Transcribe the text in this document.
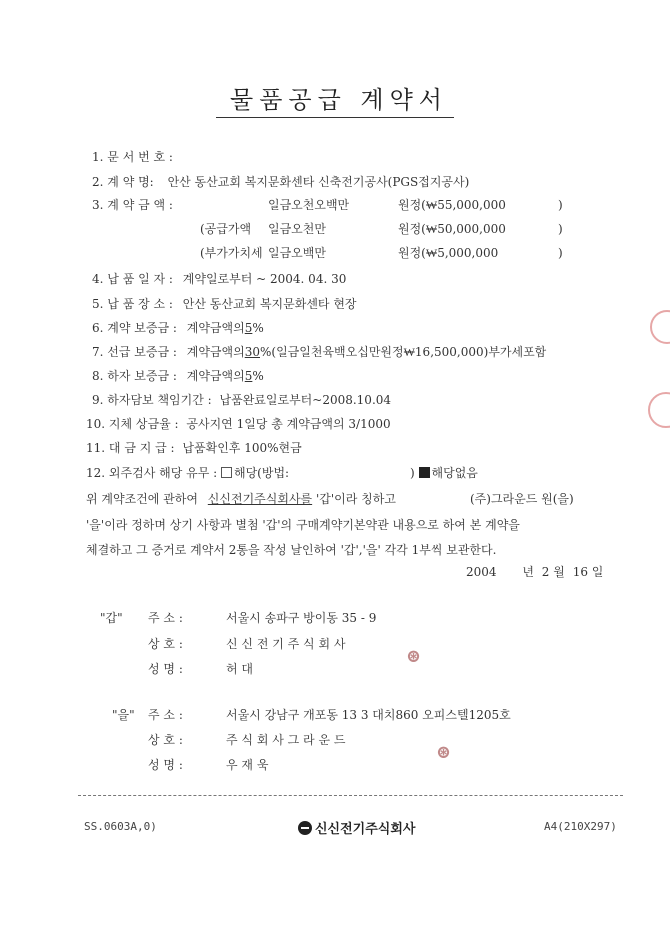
물품공급 계약서
1. 문 서 번 호 :
2. 계 약 명: 안산 동산교회 복지문화센타 신축전기공사(PGS접지공사)
3. 계 약 금 액 :	일금오천오백만	원정(₩55,000,000	)
(공급가액 일금오천만	원정(₩50,000,000	)
(부가가치세 일금오백만	원정(₩5,000,000	)
4. 납 품 일 자 : 계약일로부터 ~ 2004. 04. 30
5. 납 품 장 소 : 안산 동산교회 복지문화센타 현장
6. 계약 보증금 : 계약금액의5%
7. 선급 보증금 : 계약금액의30%(일금일천육백오십만원정₩16,500,000)부가세포함
8. 하자 보증금 : 계약금액의5%
9. 하자담보 책임기간 : 납품완료일로부터~2008.10.04
10. 지체 상금율 : 공사지연 1일당 총 계약금액의 3/1000
11. 대 금 지 급 : 납품확인후 100%현금
12. 외주검사 해당 유무 : 해당(방법:	) 해당없음
위 계약조건에 관하여 신신전기주식회사를 '갑'이라 칭하고	(주)그라운드 원(을)
'을'이라 정하며 상기 사항과 별첨 '갑'의 구매계약기본약관 내용으로 하여 본 계약을
체결하고 그 증거로 계약서 2통을 작성 날인하여 '갑','을' 각각 1부씩 보관한다.
2004 년 2 월 16 일
"갑" 주 소 :	서울시 송파구 방이동 35 - 9
상 호 :	신 신 전 기 주 식 회 사
성 명 :	허 대
⊛
"을" 주 소 :	서울시 강남구 개포동 13 3 대치860 오피스텔1205호
상 호 :	주 식 회 사 그 라 운 드
성 명 :	우 재 욱
⊛
SS.0603A,0)	신신전기주식회사	A4(210X297)
